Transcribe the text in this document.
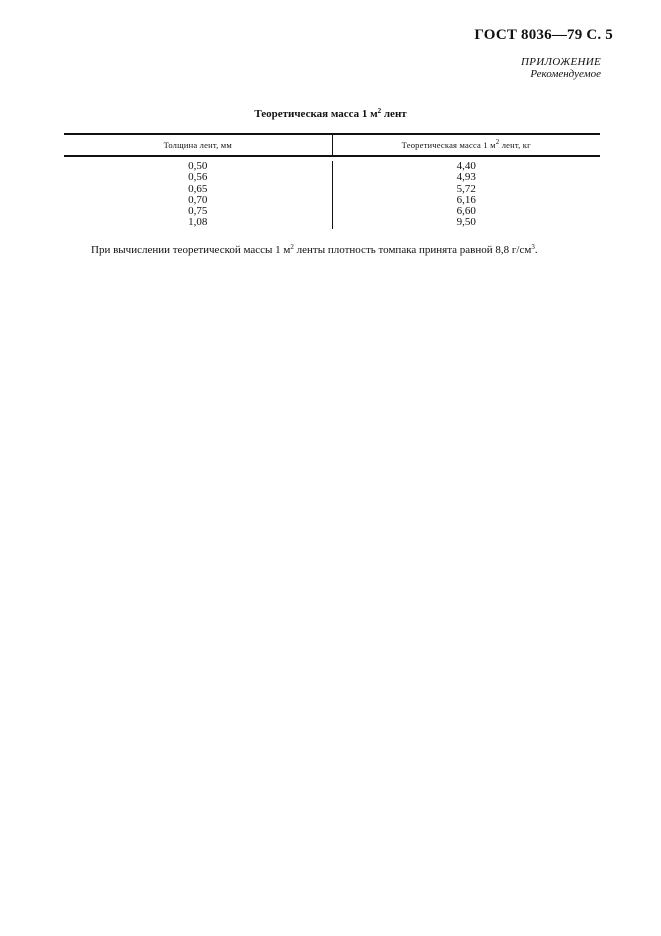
ГОСТ 8036—79 С. 5
ПРИЛОЖЕНИЕ
Рекомендуемое
Теоретическая масса 1 $м^2$ лент
Толщина лент, мм	Теоретическая масса 1 $м^2$ лент, кг
0,50
0,56
0,65
0,70
0,75
1,08
4,40
4,93
5,72
6,16
6,60
9,50
При вычислении теоретической массы 1 $м^2$ ленты плотность томпака принята равной 8,8 $г/см^3$.
